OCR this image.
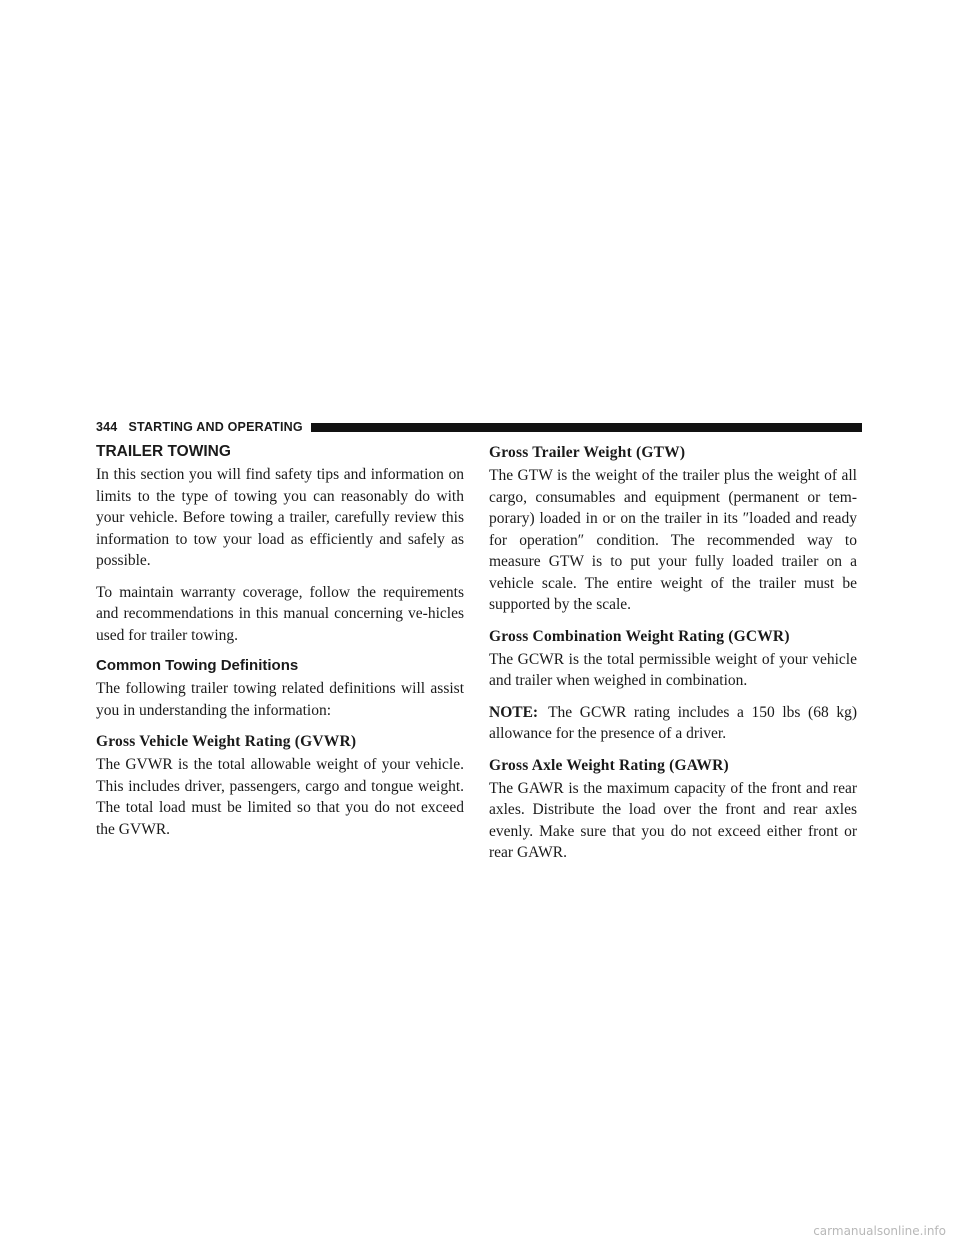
344 STARTING AND OPERATING
TRAILER TOWING

In this section you will find safety tips and information on limits to the type of towing you can reasonably do with your vehicle. Before towing a trailer, carefully review this information to tow your load as efficiently and safely as possible.

To maintain warranty coverage, follow the requirements and recommendations in this manual concerning ve-hicles used for trailer towing.

Common Towing Definitions

The following trailer towing related definitions will assist you in understanding the information:

Gross Vehicle Weight Rating (GVWR)

The GVWR is the total allowable weight of your vehicle. This includes driver, passengers, cargo and tongue weight. The total load must be limited so that you do not exceed the GVWR.

Gross Trailer Weight (GTW)

The GTW is the weight of the trailer plus the weight of all cargo, consumables and equipment (permanent or tem-porary) loaded in or on the trailer in its ″loaded and ready for operation″ condition. The recommended way to measure GTW is to put your fully loaded trailer on a vehicle scale. The entire weight of the trailer must be supported by the scale.

Gross Combination Weight Rating (GCWR)

The GCWR is the total permissible weight of your vehicle and trailer when weighed in combination.

NOTE: The GCWR rating includes a 150 lbs (68 kg) allowance for the presence of a driver.

Gross Axle Weight Rating (GAWR)

The GAWR is the maximum capacity of the front and rear axles. Distribute the load over the front and rear axles evenly. Make sure that you do not exceed either front or rear GAWR.

carmanualsonline.info
